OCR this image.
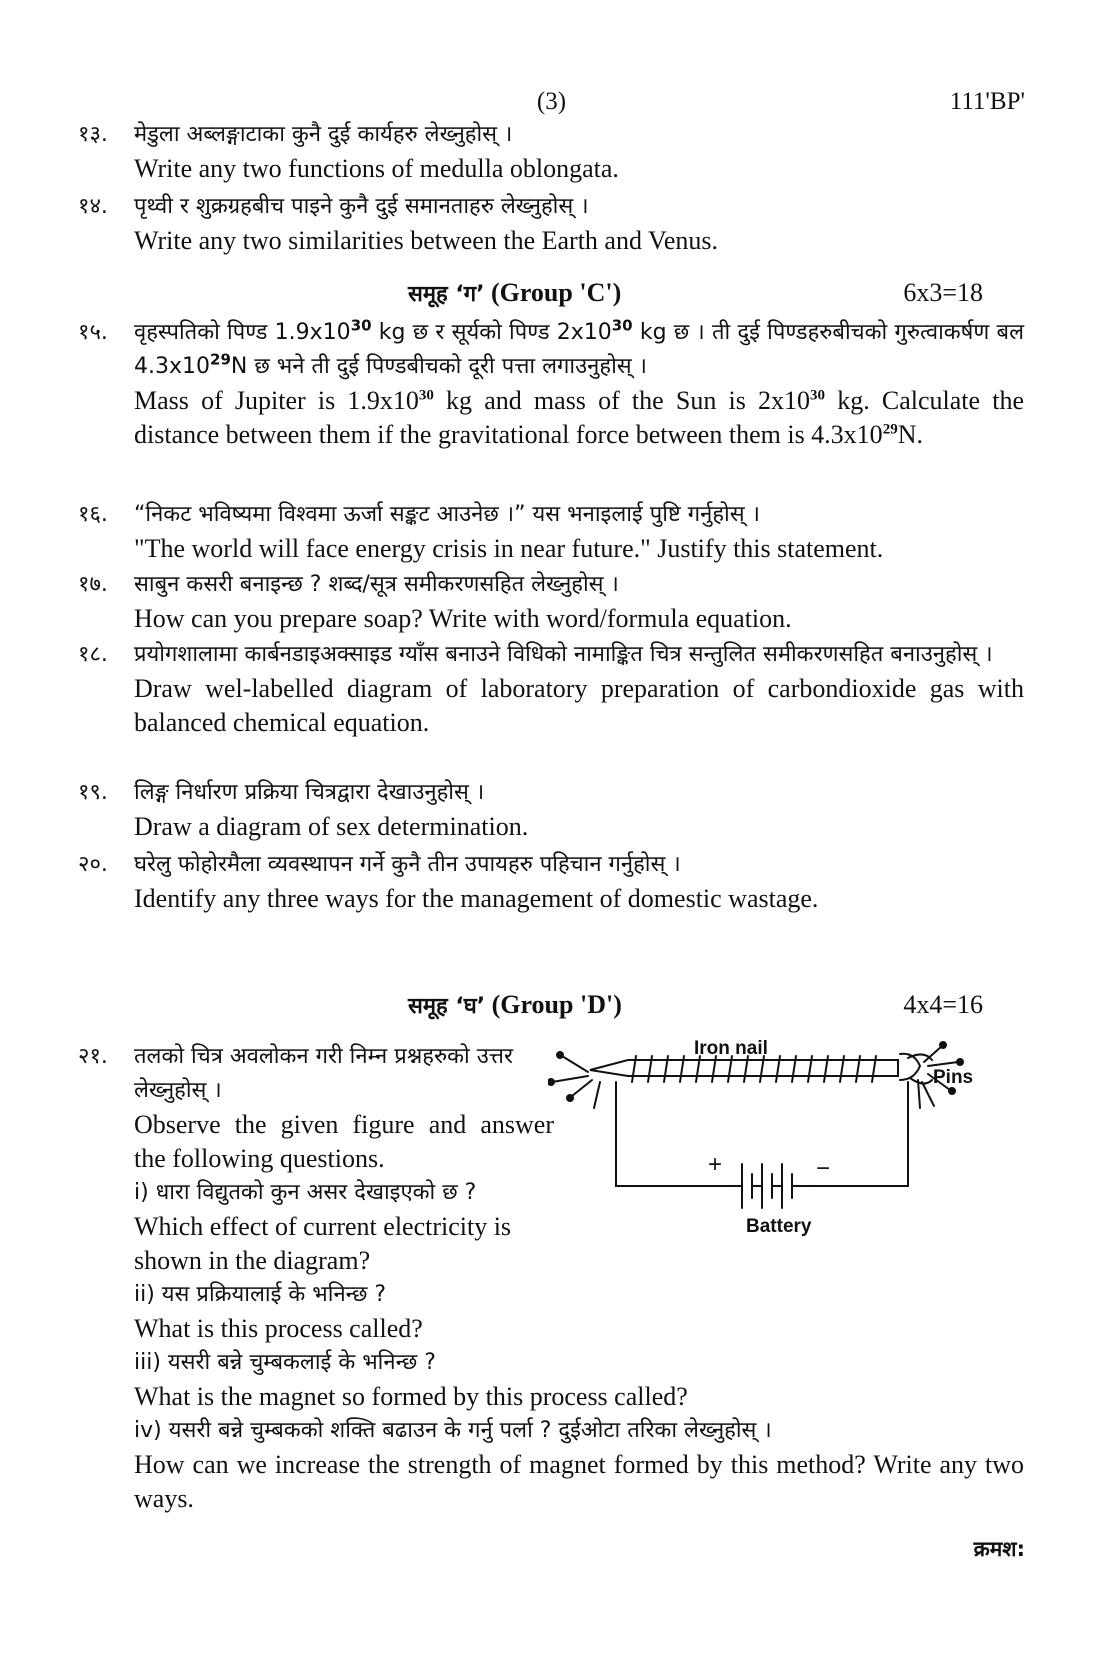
(3)	111'BP'
१३.	मेडुला अब्लङ्गाटाका कुनै दुई कार्यहरु लेख्नुहोस् ।

Write any two functions of medulla oblongata.

१४.	पृथ्वी र शुक्रग्रहबीच पाइने कुनै दुई समानताहरु लेख्नुहोस् ।

Write any two similarities between the Earth and Venus.

समूह ‘ग’ (Group 'C')	6x3=18
१५.	वृहस्पतिको पिण्ड $1.9x10^{30}$ kg छ र सूर्यको पिण्ड $2x10^{30}$ kg छ । ती दुई पिण्डहरुबीचको गुरुत्वाकर्षण बल $4.3x10^{29}N$ छ भने ती दुई पिण्डबीचको दूरी पत्ता लगाउनुहोस् ।

Mass of Jupiter is $1.9x10^{30}$ kg and mass of the Sun is $2x10^{30}$ kg. Calculate the distance between them if the gravitational force between them is $4.3x10^{29}N$.

१६.	“निकट भविष्यमा विश्वमा ऊर्जा सङ्कट आउनेछ ।” यस भनाइलाई पुष्टि गर्नुहोस् ।

"The world will face energy crisis in near future." Justify this statement.

१७.	साबुन कसरी बनाइन्छ ? शब्द/सूत्र समीकरणसहित लेख्नुहोस् ।

How can you prepare soap? Write with word/formula equation.

१८.	प्रयोगशालामा कार्बनडाइअक्साइड ग्याँस बनाउने विधिको नामाङ्कित चित्र सन्तुलित समीकरणसहित बनाउनुहोस् ।

Draw wel-labelled diagram of laboratory preparation of carbondioxide gas with balanced chemical equation.

१९.	लिङ्ग निर्धारण प्रक्रिया चित्रद्वारा देखाउनुहोस् ।

Draw a diagram of sex determination.

२०.	घरेलु फोहोरमैला व्यवस्थापन गर्ने कुनै तीन उपायहरु पहिचान गर्नुहोस् ।

Identify any three ways for the management of domestic wastage.

समूह ‘घ’ (Group 'D')	4x4=16
२१.	तलको चित्र अवलोकन गरी निम्न प्रश्नहरुको उत्तर लेख्नुहोस् ।

Observe the given figure and answer the following questions.

i) धारा विद्युतको कुन असर देखाइएको छ ?

Which effect of current electricity is shown in the diagram?

ii) यस प्रक्रियालाई के भनिन्छ ?

What is this process called?

iii) यसरी बन्ने चुम्बकलाई के भनिन्छ ?

What is the magnet so formed by this process called?

iv) यसरी बन्ने चुम्बकको शक्ति बढाउन के गर्नु पर्ला ? दुईओटा तरिका लेख्नुहोस् ।

How can we increase the strength of magnet formed by this method? Write any two ways.

Iron nail
Pins
+	−
Battery
क्रमश:
